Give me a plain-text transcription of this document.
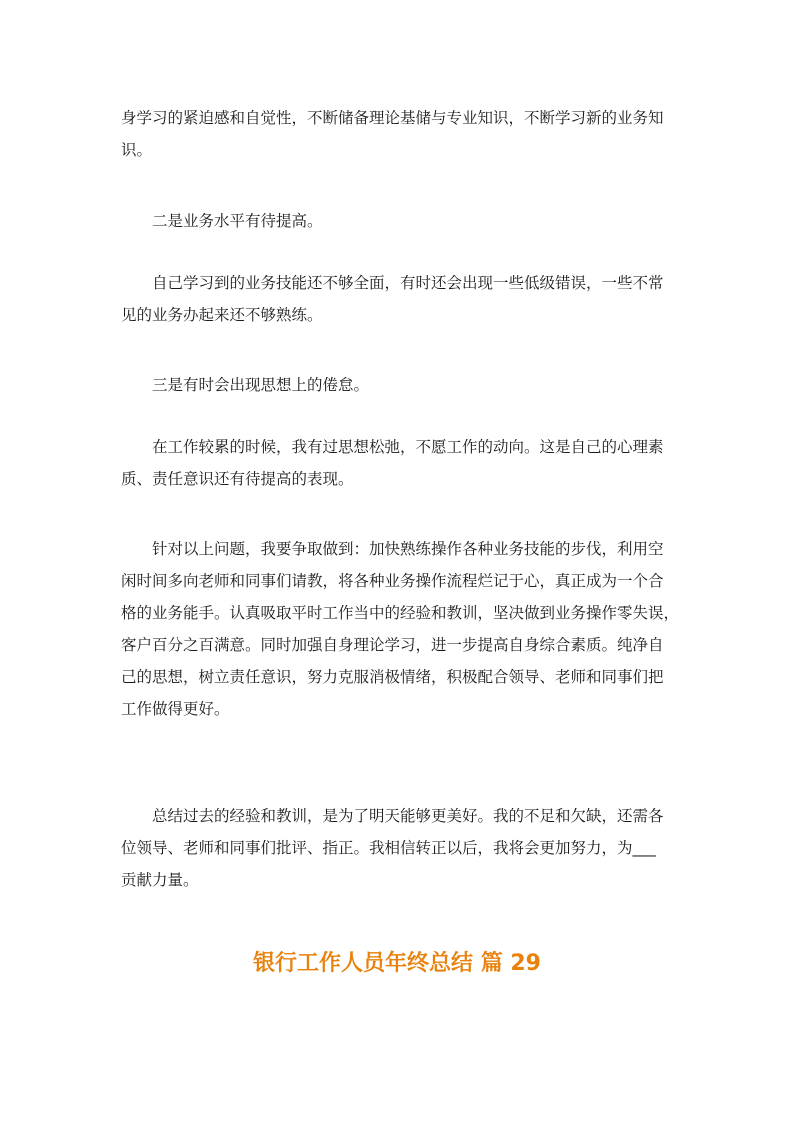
身学习的紧迫感和自觉性，不断储备理论基储与专业知识，不断学习新的业务知
识。

二是业务水平有待提高。

自己学习到的业务技能还不够全面，有时还会出现一些低级错误，一些不常
见的业务办起来还不够熟练。

三是有时会出现思想上的倦怠。

在工作较累的时候，我有过思想松弛，不愿工作的动向。这是自己的心理素
质、责任意识还有待提高的表现。

针对以上问题，我要争取做到：加快熟练操作各种业务技能的步伐，利用空
闲时间多向老师和同事们请教，将各种业务操作流程烂记于心，真正成为一个合
格的业务能手。认真吸取平时工作当中的经验和教训，坚决做到业务操作零失误，
客户百分之百满意。同时加强自身理论学习，进一步提高自身综合素质。纯净自
己的思想，树立责任意识，努力克服消极情绪，积极配合领导、老师和同事们把
工作做得更好。

总结过去的经验和教训，是为了明天能够更美好。我的不足和欠缺，还需各
位领导、老师和同事们批评、指正。我相信转正以后，我将会更加努力，为___
贡献力量。

银行工作人员年终总结 篇 29
